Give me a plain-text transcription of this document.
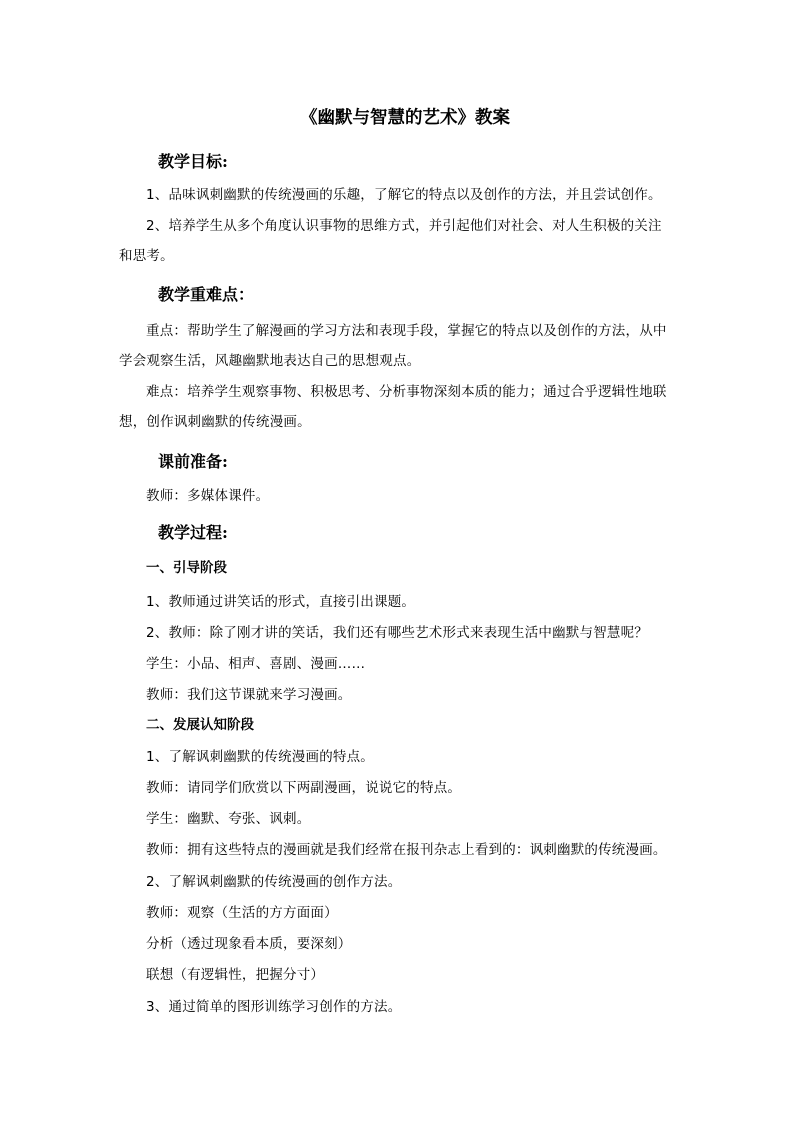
《幽默与智慧的艺术》教案
教学目标:
1、品味讽刺幽默的传统漫画的乐趣，了解它的特点以及创作的方法，并且尝试创作。
2、培养学生从多个角度认识事物的思维方式，并引起他们对社会、对人生积极的关注
和思考。
教学重难点：
重点：帮助学生了解漫画的学习方法和表现手段，掌握它的特点以及创作的方法，从中
学会观察生活，风趣幽默地表达自己的思想观点。
难点：培养学生观察事物、积极思考、分析事物深刻本质的能力；通过合乎逻辑性地联
想，创作讽刺幽默的传统漫画。
课前准备:
教师：多媒体课件。
教学过程:
一、引导阶段
1、教师通过讲笑话的形式，直接引出课题。
2、教师：除了刚才讲的笑话，我们还有哪些艺术形式来表现生活中幽默与智慧呢？
学生：小品、相声、喜剧、漫画……
教师：我们这节课就来学习漫画。
二、发展认知阶段
1、了解讽刺幽默的传统漫画的特点。
教师：请同学们欣赏以下两副漫画，说说它的特点。
学生：幽默、夸张、讽刺。
教师：拥有这些特点的漫画就是我们经常在报刊杂志上看到的：讽刺幽默的传统漫画。
2、了解讽刺幽默的传统漫画的创作方法。
教师：观察（生活的方方面面）
分析（透过现象看本质，要深刻）
联想（有逻辑性，把握分寸）
3、通过简单的图形训练学习创作的方法。
